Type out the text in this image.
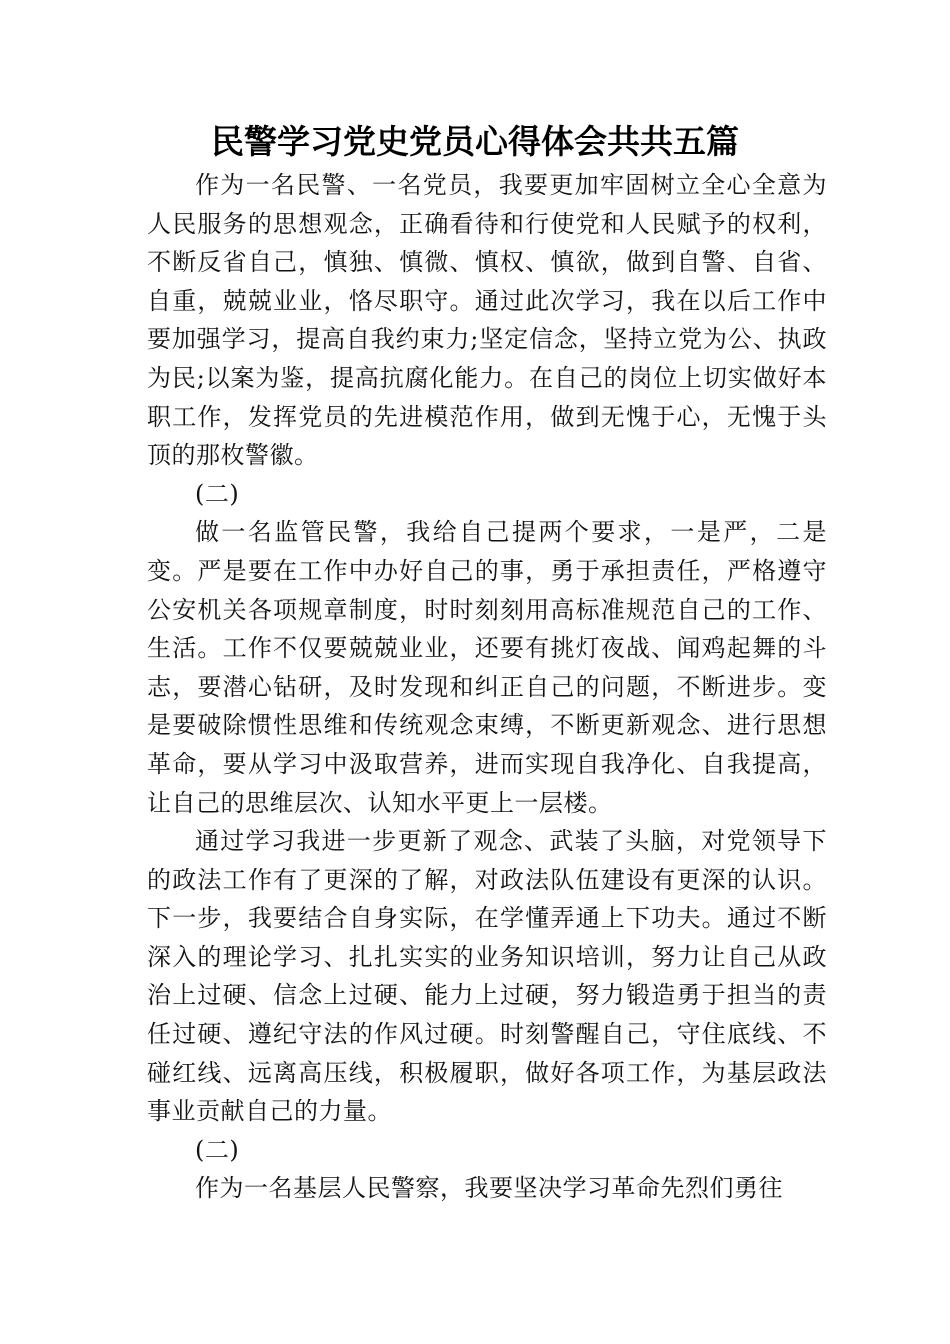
民警学习党史党员心得体会共共五篇

作为一名民警、一名党员，我要更加牢固树立全心全意为人民服务的思想观念，正确看待和行使党和人民赋予的权利，不断反省自己，慎独、慎微、慎权、慎欲，做到自警、自省、自重，兢兢业业，恪尽职守。通过此次学习，我在以后工作中要加强学习，提高自我约束力;坚定信念，坚持立党为公、执政为民;以案为鉴，提高抗腐化能力。在自己的岗位上切实做好本职工作，发挥党员的先进模范作用，做到无愧于心，无愧于头顶的那枚警徽。

(二)

做一名监管民警，我给自己提两个要求，一是严，二是变。严是要在工作中办好自己的事，勇于承担责任，严格遵守公安机关各项规章制度，时时刻刻用高标准规范自己的工作、生活。工作不仅要兢兢业业，还要有挑灯夜战、闻鸡起舞的斗志，要潜心钻研，及时发现和纠正自己的问题，不断进步。变是要破除惯性思维和传统观念束缚，不断更新观念、进行思想革命，要从学习中汲取营养，进而实现自我净化、自我提高，让自己的思维层次、认知水平更上一层楼。

通过学习我进一步更新了观念、武装了头脑，对党领导下的政法工作有了更深的了解，对政法队伍建设有更深的认识。下一步，我要结合自身实际，在学懂弄通上下功夫。通过不断深入的理论学习、扎扎实实的业务知识培训，努力让自己从政治上过硬、信念上过硬、能力上过硬，努力锻造勇于担当的责任过硬、遵纪守法的作风过硬。时刻警醒自己，守住底线、不碰红线、远离高压线，积极履职，做好各项工作，为基层政法事业贡献自己的力量。

(二)

作为一名基层人民警察，我要坚决学习革命先烈们勇往
